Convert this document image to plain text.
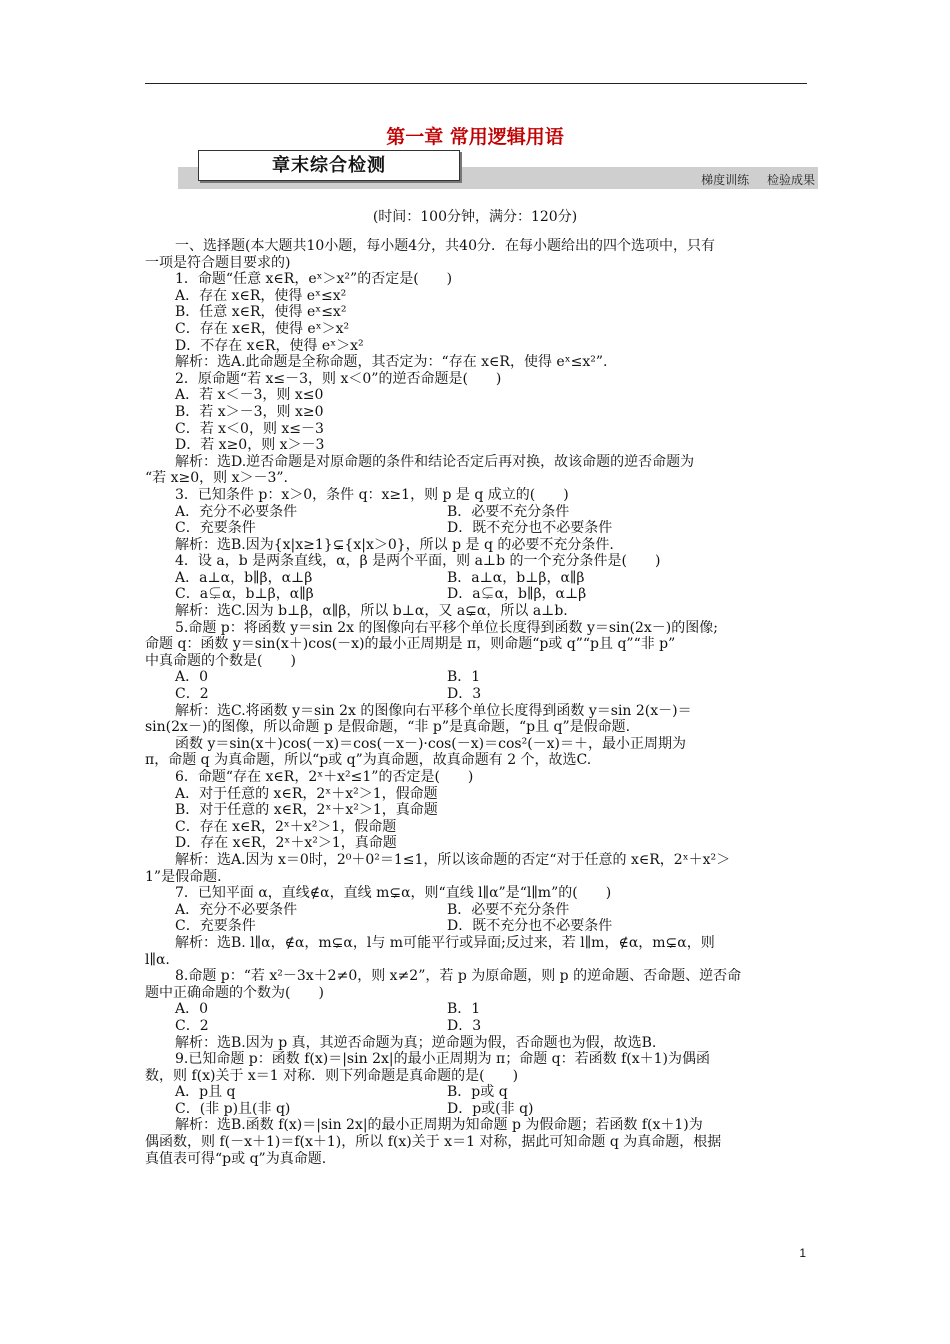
第一章 常用逻辑用语
章末综合检测
梯度训练 检验成果
(时间：100分钟，满分：120分)
一、选择题(本大题共10小题，每小题4分，共40分．在每小题给出的四个选项中，只有
一项是符合题目要求的)
1．命题“任意 x∈R，eˣ＞x²”的否定是(　　)
A．存在 x∈R，使得 eˣ≤x²
B．任意 x∈R，使得 eˣ≤x²
C．存在 x∈R，使得 eˣ＞x²
D．不存在 x∈R，使得 eˣ＞x²
解析：选A.此命题是全称命题，其否定为：“存在 x∈R，使得 eˣ≤x²”.
2．原命题“若 x≤－3，则 x＜0”的逆否命题是(　　)
A．若 x＜－3，则 x≤0
B．若 x＞－3，则 x≥0
C．若 x＜0，则 x≤－3
D．若 x≥0，则 x＞－3
解析：选D.逆否命题是对原命题的条件和结论否定后再对换，故该命题的逆否命题为
“若 x≥0，则 x＞－3”.
3．已知条件 p：x＞0，条件 q：x≥1，则 p 是 q 成立的(　　)
A．充分不必要条件	B．必要不充分条件
C．充要条件	D．既不充分也不必要条件
解析：选B.因为{x|x≥1}⊊{x|x＞0}，所以 p 是 q 的必要不充分条件.
4．设 a，b 是两条直线，α，β 是两个平面，则 a⊥b 的一个充分条件是(　　)
A．a⊥α，b∥β，α⊥β	B．a⊥α，b⊥β，α∥β
C．a⊊α，b⊥β，α∥β	D．a⊊α，b∥β，α⊥β
解析：选C.因为 b⊥β，α∥β，所以 b⊥α，又 a⊊α，所以 a⊥b.
5.命题 p：将函数 y＝sin 2x 的图像向右平移个单位长度得到函数 y＝sin(2x－)的图像;
命题 q：函数 y＝sin(x＋)cos(－x)的最小正周期是 π，则命题“p或 q”“p且 q”“非 p”
中真命题的个数是(　　)
A．0	B．1
C．2	D．3
解析：选C.将函数 y＝sin 2x 的图像向右平移个单位长度得到函数 y＝sin 2(x－)＝
sin(2x－)的图像，所以命题 p 是假命题，“非 p”是真命题，“p且 q”是假命题.
函数 y＝sin(x＋)cos(－x)＝cos(－x－)·cos(－x)＝cos²(－x)＝＋，最小正周期为
π，命题 q 为真命题，所以“p或 q”为真命题，故真命题有 2 个，故选C.
6．命题“存在 x∈R，2ˣ＋x²≤1”的否定是(　　)
A．对于任意的 x∈R，2ˣ＋x²＞1，假命题
B．对于任意的 x∈R，2ˣ＋x²＞1，真命题
C．存在 x∈R，2ˣ＋x²＞1，假命题
D．存在 x∈R，2ˣ＋x²＞1，真命题
解析：选A.因为 x＝0时，2⁰＋0²＝1≤1，所以该命题的否定“对于任意的 x∈R，2ˣ＋x²＞
1”是假命题.
7．已知平面 α，直线∉α，直线 m⊊α，则“直线 l∥α”是“l∥m”的(　　)
A．充分不必要条件	B．必要不充分条件
C．充要条件	D．既不充分也不必要条件
解析：选B. l∥α，∉α，m⊊α，l与 m可能平行或异面;反过来，若 l∥m，∉α，m⊊α，则
l∥α.
8.命题 p：“若 x²－3x＋2≠0，则 x≠2”，若 p 为原命题，则 p 的逆命题、否命题、逆否命
题中正确命题的个数为(　　)
A．0	B．1
C．2	D．3
解析：选B.因为 p 真，其逆否命题为真；逆命题为假，否命题也为假，故选B.
9.已知命题 p：函数 f(x)＝|sin 2x|的最小正周期为 π；命题 q：若函数 f(x＋1)为偶函
数，则 f(x)关于 x＝1 对称．则下列命题是真命题的是(　　)
A．p且 q	B．p或 q
C．(非 p)且(非 q)	D．p或(非 q)
解析：选B.函数 f(x)＝|sin 2x|的最小正周期为知命题 p 为假命题；若函数 f(x＋1)为
偶函数，则 f(－x＋1)＝f(x＋1)，所以 f(x)关于 x＝1 对称，据此可知命题 q 为真命题，根据
真值表可得“p或 q”为真命题.
1
